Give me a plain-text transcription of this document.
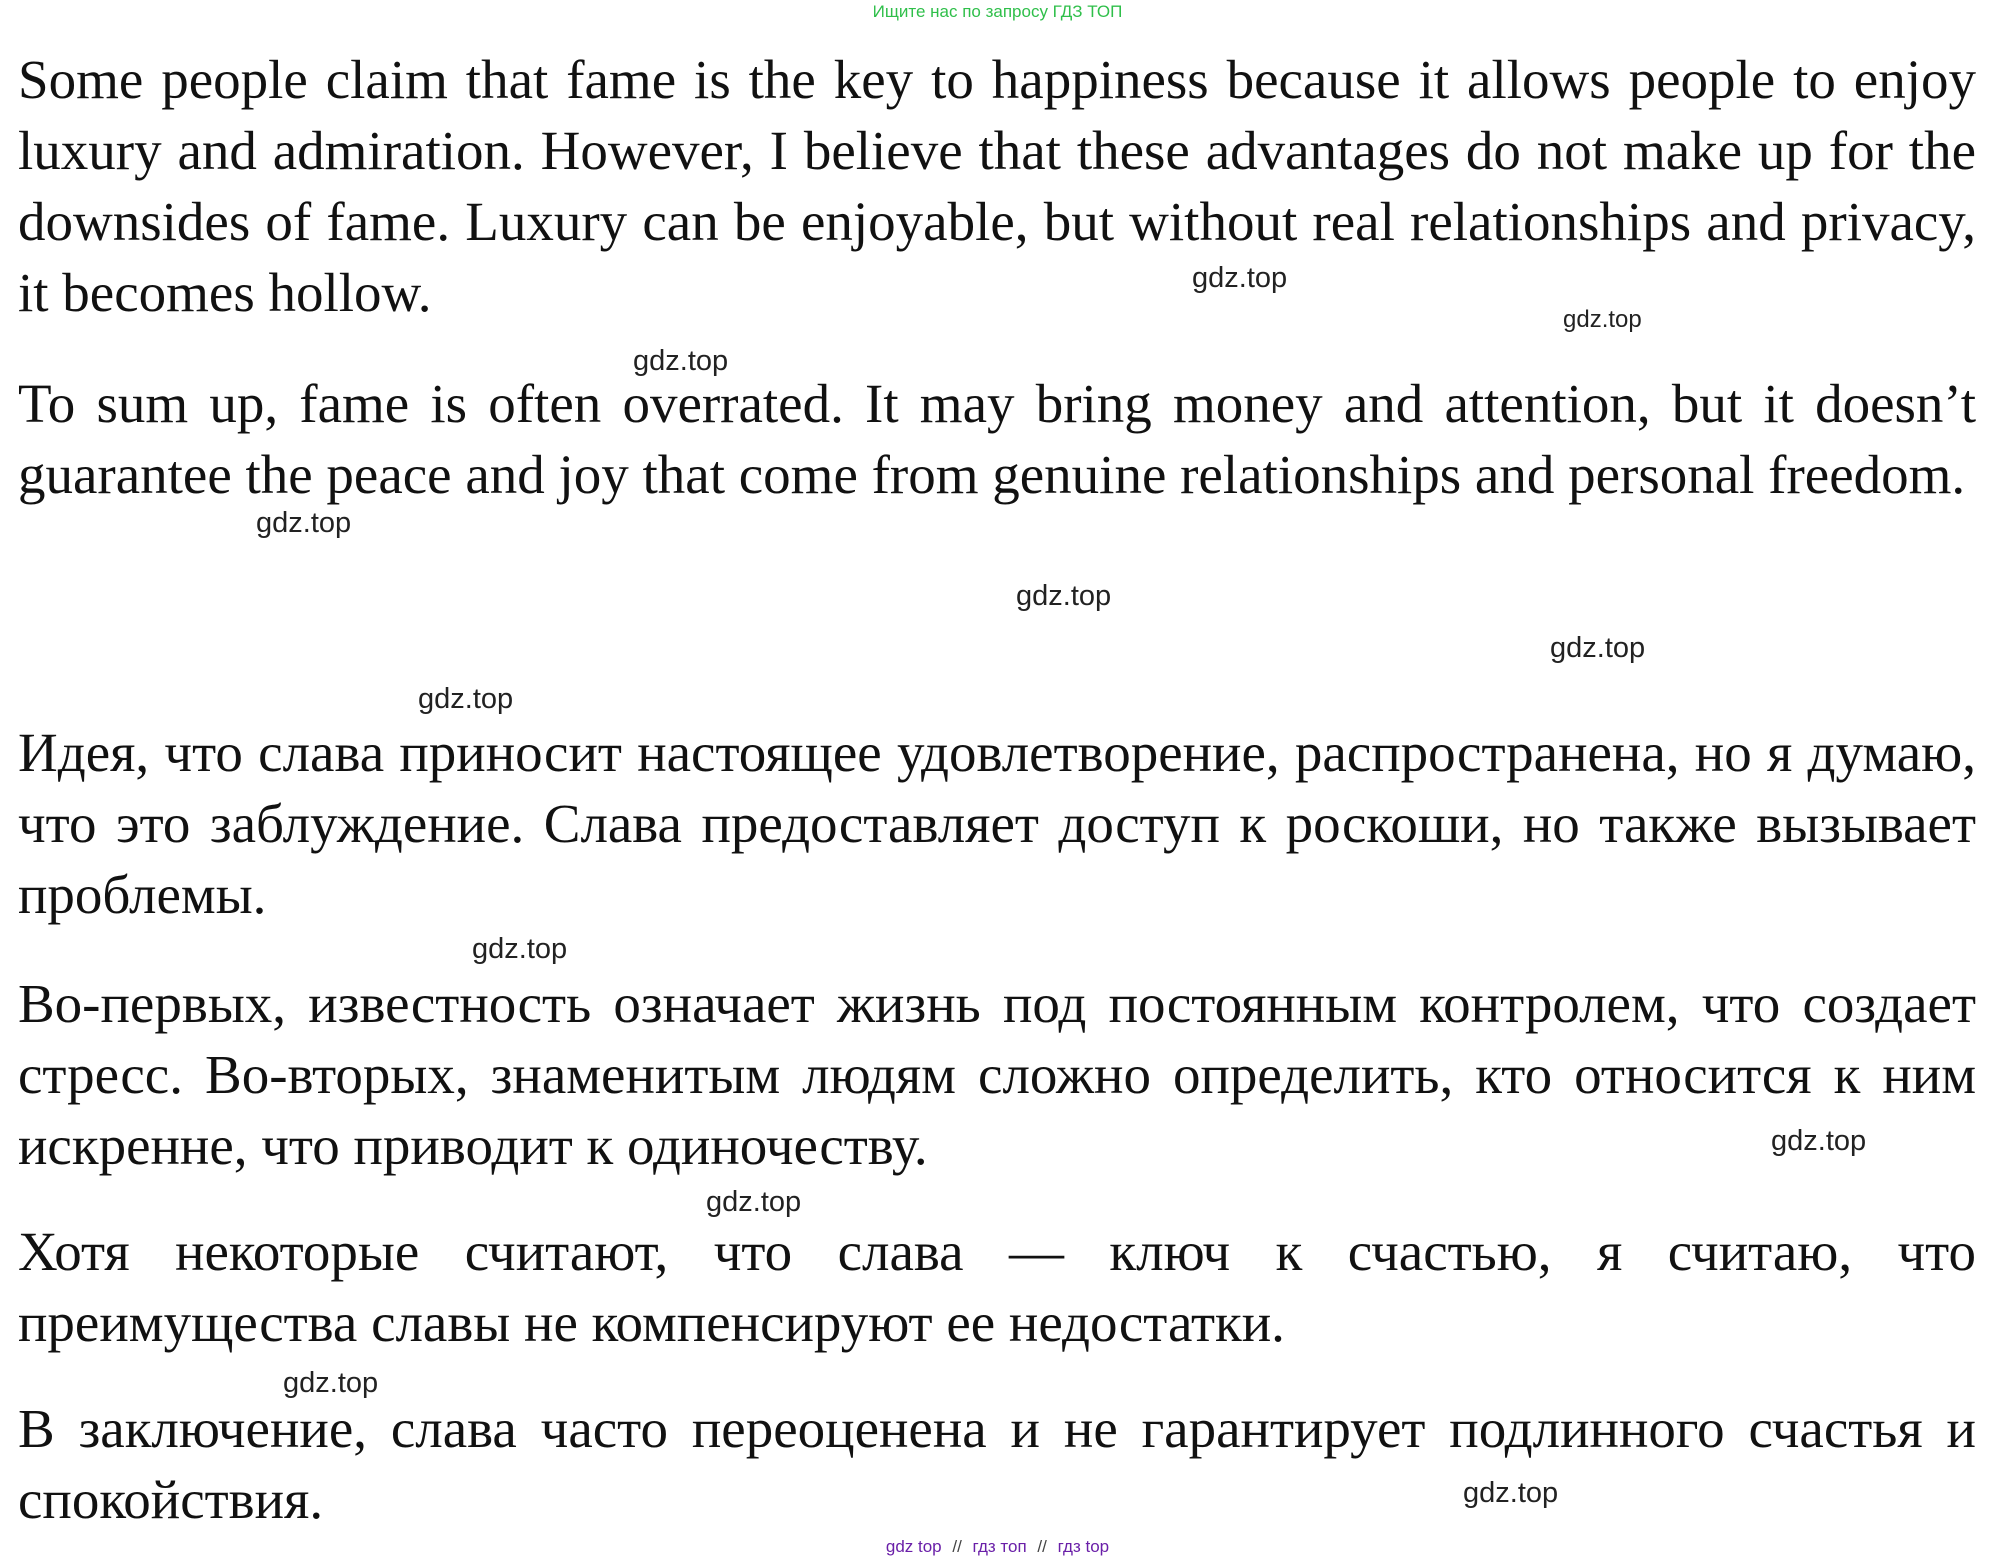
Ищите нас по запросу ГДЗ ТОП

Some people claim that fame is the key to happiness because it allows people to enjoy luxury and admiration. However, I believe that these advantages do not make up for the downsides of fame. Luxury can be enjoyable, but without real relationships and privacy, it becomes hollow.

To sum up, fame is often overrated. It may bring money and attention, but it doesn’t guarantee the peace and joy that come from genuine relationships and personal freedom.

Идея, что слава приносит настоящее удовлетворение, распространена, но я думаю, что это заблуждение. Слава предоставляет доступ к роскоши, но также вызывает проблемы.

Во-первых, известность означает жизнь под постоянным контролем, что создает стресс. Во-вторых, знаменитым людям сложно определить, кто относится к ним искренне, что приводит к одиночеству.

Хотя некоторые считают, что слава — ключ к счастью, я считаю, что преимущества славы не компенсируют ее недостатки.

В заключение, слава часто переоценена и не гарантирует подлинного счастья и спокойствия.

gdz.top
gdz.top
gdz.top
gdz.top
gdz.top
gdz.top
gdz.top
gdz.top
gdz.top
gdz.top
gdz.top
gdz.top
gdz top // гдз топ // гдз top
